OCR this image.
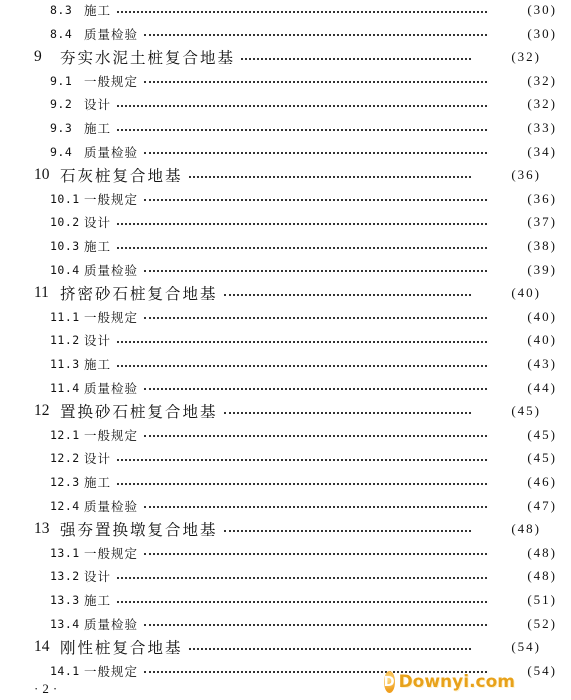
8.3 施工	(30)
8.4 质量检验	(30)
9	夯实水泥土桩复合地基	(32)
9.1 一般规定	(32)
9.2 设计	(32)
9.3 施工	(33)
9.4 质量检验	(34)
10 石灰桩复合地基	(36)
10.1 一般规定	(36)
10.2 设计	(37)
10.3 施工	(38)
10.4 质量检验	(39)
11 挤密砂石桩复合地基	(40)
11.1 一般规定	(40)
11.2 设计	(40)
11.3 施工	(43)
11.4 质量检验	(44)
12 置换砂石桩复合地基	(45)
12.1 一般规定	(45)
12.2 设计	(45)
12.3 施工	(46)
12.4 质量检验	(47)
13 强夯置换墩复合地基	(48)
13.1 一般规定	(48)
13.2 设计	(48)
13.3 施工	(51)
13.4 质量检验	(52)
14 刚性桩复合地基	(54)
14.1 一般规定	(54)
·2·	D Downyi.com
